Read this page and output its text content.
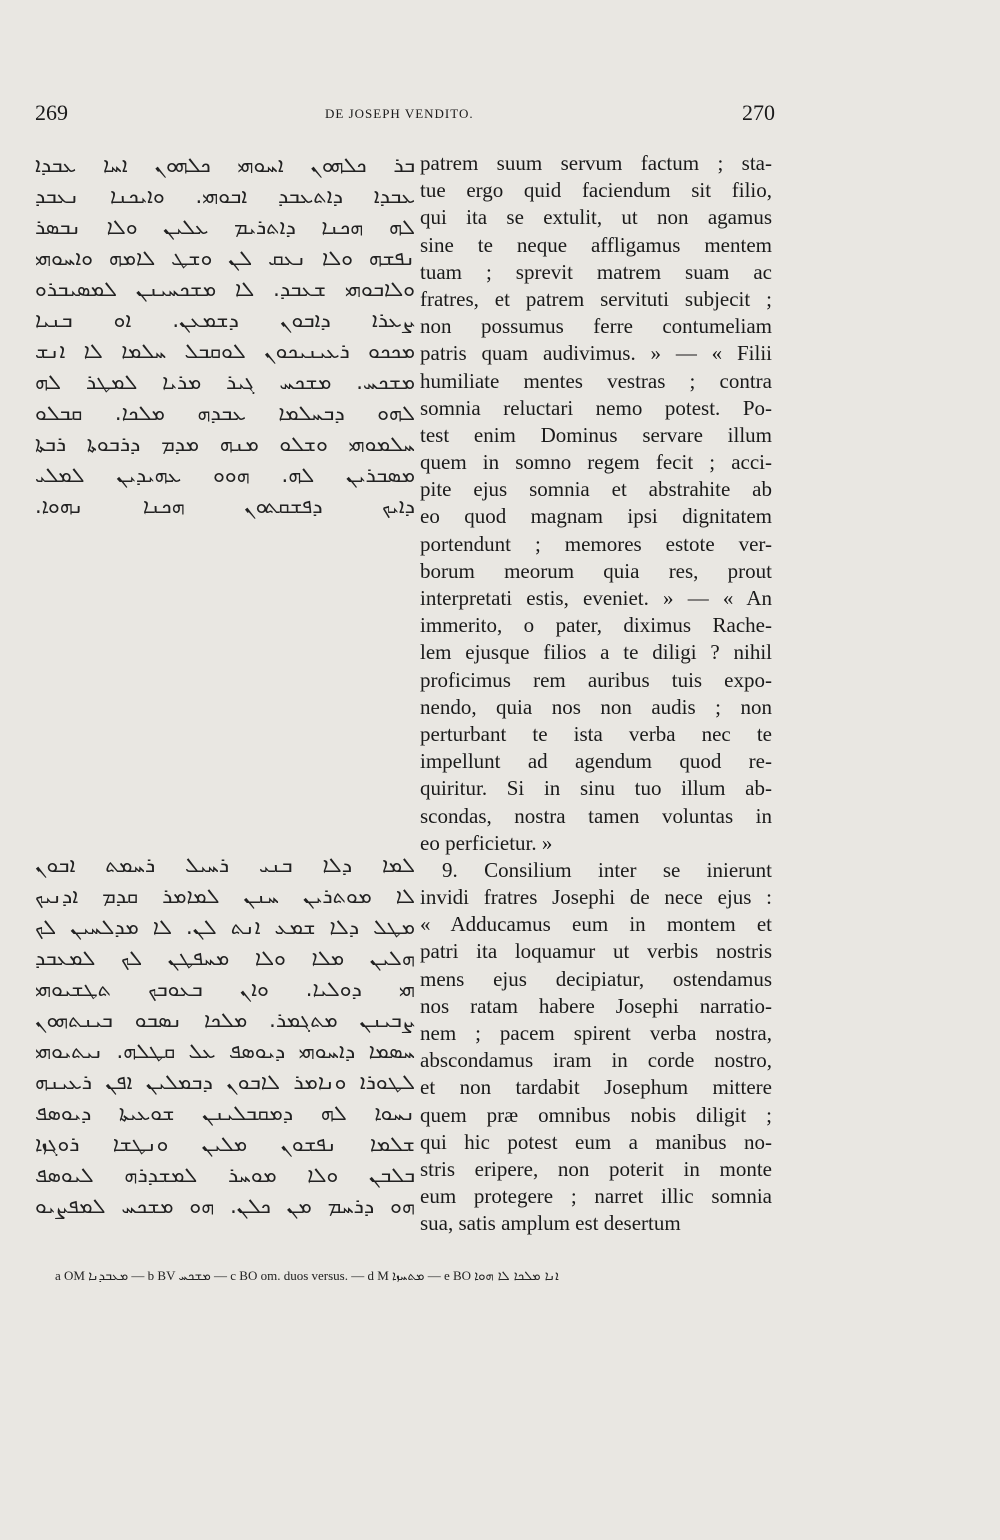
269	DE JOSEPH VENDITO.	270
ܒܪ ܟܠܗܘܢ ܐܚܘܗܝ ܟܠܗܘܢ ܐܚܐ ܥܒܕܐ
ܥܒܕܐ ܕܐܬܥܒܕ ܐܒܘܗܝ. ܘܐܝܟܢܐ ܢܥܒܕ
ܠܗ ܗܟܢܐ ܕܐܬܪܝܡ ܥܠܝܢ ܘܠܐ ܢܒܣܪ
ܢܦܫܗ ܘܠܐ ܢܥܩ ܠܢ ܘܫܛ ܠܐܡܗ ܘܐܚܘܗܝ
ܘܠܐܒܘܗܝ ܫܥܒܕ. ܠܐ ܡܫܟܚܝܢܢ ܠܡܣܝܒܪܘ
ܨܥܪܐ ܕܐܒܘܢ ܕܫܡܥܢ. ܐܘ ܒܢܝܐ
ܡܟܟܘ ܪܥܝܢܝܟܘܢ ܠܘܩܒܠ ܚܠܡܐ ܠܐ ܐܢܫ
ܡܫܟܚ. ܡܫܟܚ ܓܝܪ ܡܪܝܐ ܠܡܛܪ ܠܗ
ܠܗܘ ܕܒܚܠܡܐ ܥܒܕܗ ܡܠܟܐ. ܩܒܠܘ
ܚܠܡܘܗܝ ܘܫܠܘ ܡܢܗ ܡܕܡ ܕܪܒܘܬܐ ܪܒܬܐ
ܡܣܒܪܝܢ ܠܗ. ܗܘܘ ܥܗܝܕܝܢ ܠܡܠܝ
ܕܐܝܟ ܕܦܫܩܬܘܢ ܗܟܢܐ ܢܗܘܐ.
ܠܡܐ ܕܠܐ ܒܢܝ ܪܚܝܠ ܪܚܡܬ ܐܒܘܢ
ܠܐ ܡܘܬܪܝܢ ܚܢܢ ܠܡܐܡܪ ܩܕܡ ܐܕܢܝܟ
ܡܛܠ ܕܠܐ ܫܡܥ ܐܢܬ ܠܢ. ܠܐ ܡܕܠܚܝܢ ܠܟ
ܗܠܝܢ ܡܠܐ ܘܠܐ ܡܚܦܛܢ ܠܟ ܠܡܥܒܕ
ܗܝ ܕܘܠܝܐ. ܘܐܢ ܒܥܘܒܟ ܬܛܫܝܘܗܝ
ܨܒܝܢܢ ܡܬܓܡܪ. ܡܠܟܐ ܢܣܒܘ ܒܝܢܬܗܘܢ
ܚܣܡܐ ܕܐܚܘܗܝ ܕܝܘܣܦ ܥܠ ܩܛܠܗ. ܢܝܬܝܘܗܝ
ܠܛܘܪܐ ܘܢܐܡܪ ܠܐܒܘܢ ܕܒܡܠܝܢ ܐܦܢ ܪܥܝܢܗ
ܢܚܘܐ ܠܗ ܕܡܩܒܠܝܢܢ ܫܘܥܝܬܐ ܕܝܘܣܦ
ܫܠܡܐ ܢܦܫܘܢ ܡܠܝܢ ܘܢܛܫܐ ܪܘܓܙܐ
ܒܠܒܢ ܘܠܐ ܡܘܚܪ ܠܡܫܕܪܗ ܠܝܘܣܦ
ܗܘ ܕܪܚܡ ܡܢ ܟܠܢ. ܗܘ ܡܫܟܚ ܠܡܦܨܝܘ
patrem suum servum factum ; sta-
tue ergo quid faciendum sit filio,
qui ita se extulit, ut non agamus
sine te neque affligamus mentem
tuam ; sprevit matrem suam ac
fratres, et patrem servituti subjecit ;
non possumus ferre contumeliam
patris quam audivimus. » — « Filii
humiliate mentes vestras ; contra
somnia reluctari nemo potest. Po-
test enim Dominus servare illum
quem in somno regem fecit ; acci-
pite ejus somnia et abstrahite ab
eo quod magnam ipsi dignitatem
portendunt ; memores estote ver-
borum meorum quia res, prout
interpretati estis, eveniet. » — « An
immerito, o pater, diximus Rache-
lem ejusque filios a te diligi ? nihil
proficimus rem auribus tuis expo-
nendo, quia nos non audis ; non
perturbant te ista verba nec te
impellunt ad agendum quod re-
quiritur. Si in sinu tuo illum ab-
scondas, nostra tamen voluntas in
eo perficietur. »
9. Consilium inter se inierunt
invidi fratres Josephi de nece ejus :
« Adducamus eum in montem et
patri ita loquamur ut verbis nostris
mens ejus decipiatur, ostendamus
nos ratam habere Josephi narratio-
nem ; pacem spirent verba nostra,
abscondamus iram in corde nostro,
et non tardabit Josephum mittere
quem præ omnibus nobis diligit ;
qui hic potest eum a manibus no-
stris eripere, non poterit in monte
eum protegere ; narret illic somnia
sua, satis amplum est desertum
a OM ܡܥܒܕܢܐ — b BV ܡܫܟܚ — c BO om. duos versus. — d M ܡܬܚܙܐ — e BO ܐܢܐ ܡܠܟܐ ܠܐ ܗܘܐ
